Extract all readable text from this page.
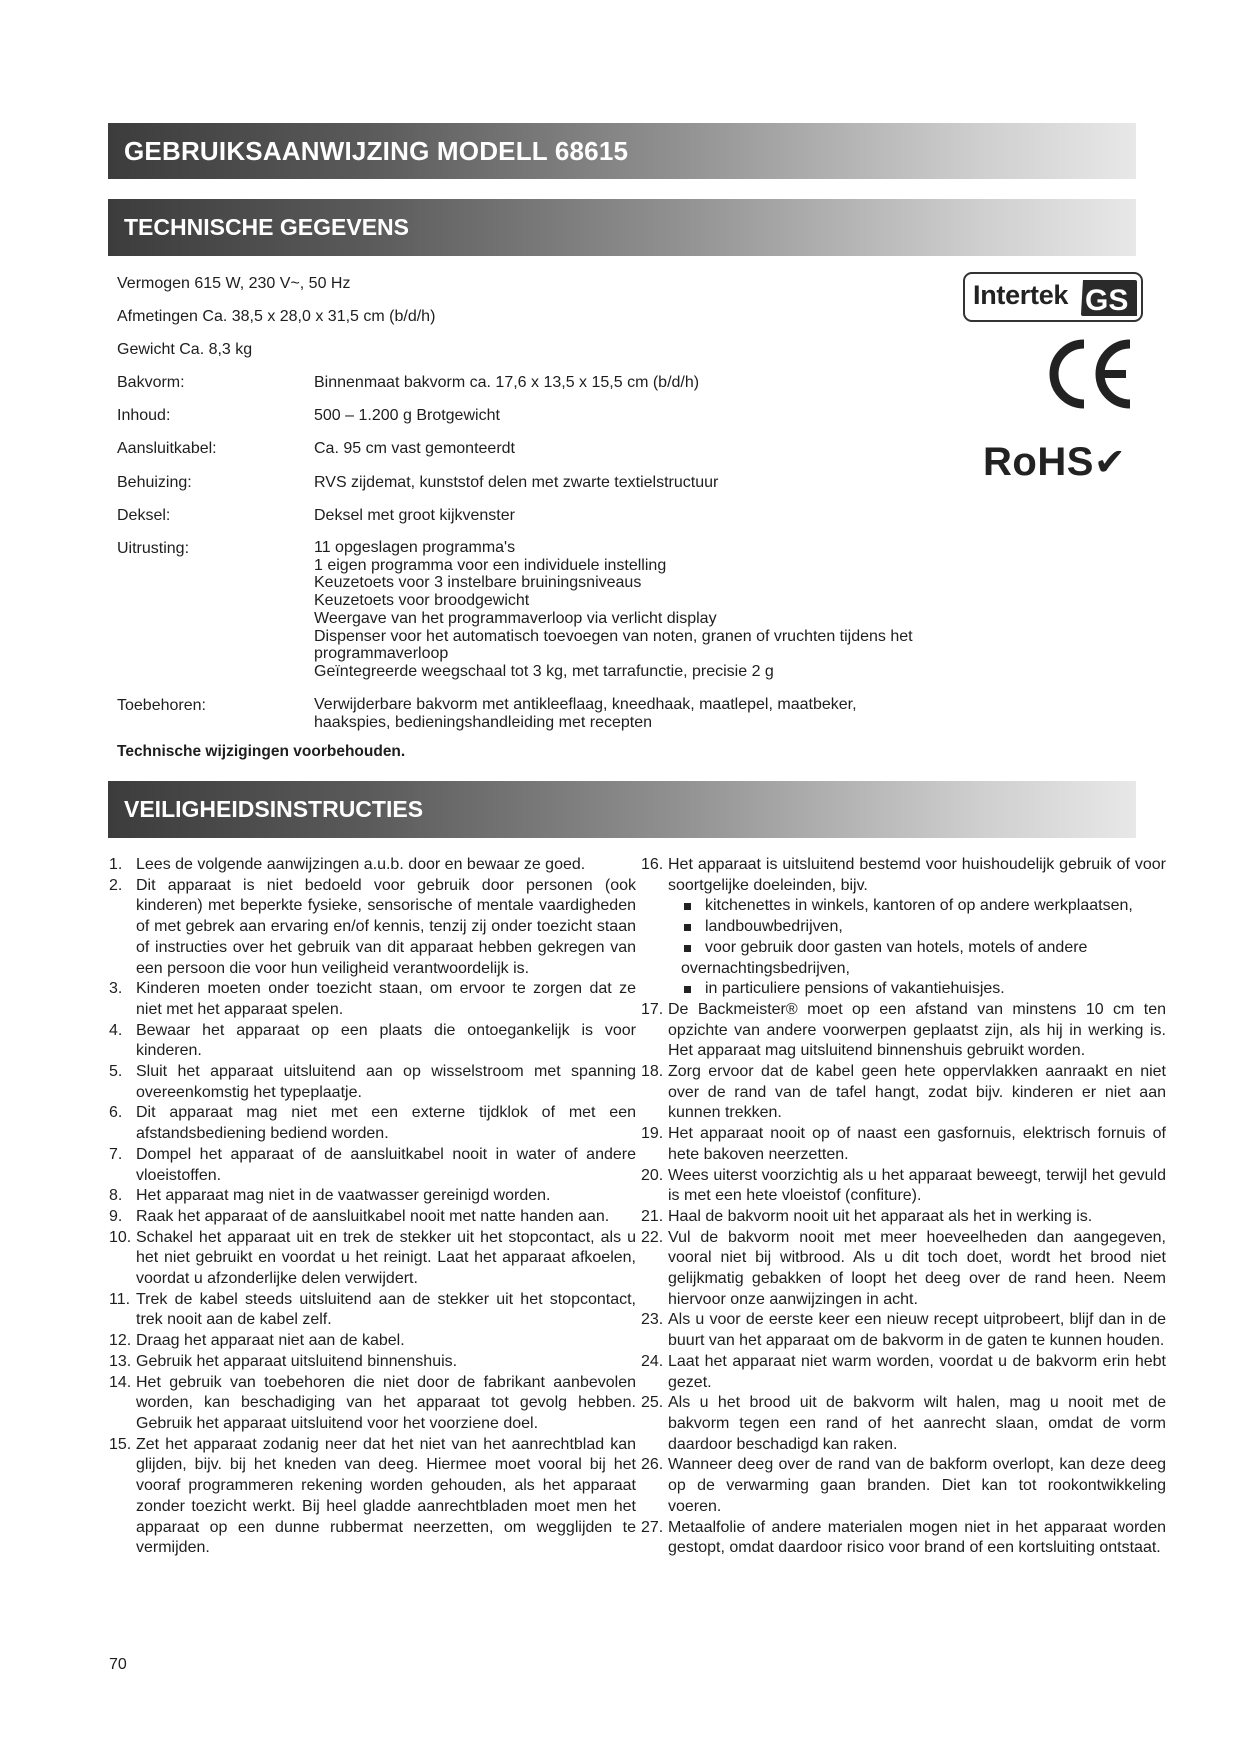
GEBRUIKSAANWIJZING MODELL 68615
TECHNISCHE GEGEVENS
Vermogen 615 W, 230 V~, 50 Hz
Afmetingen Ca. 38,5 x 28,0 x 31,5 cm (b/d/h)
Gewicht Ca. 8,3 kg
Bakvorm:	Binnenmaat bakvorm ca. 17,6 x 13,5 x 15,5 cm (b/d/h)
Inhoud:	500 – 1.200 g Brotgewicht
Aansluitkabel:	Ca. 95 cm vast gemonteerdt
Behuizing:	RVS zijdemat, kunststof delen met zwarte textielstructuur
Deksel:	Deksel met groot kijkvenster
Uitrusting:	11 opgeslagen programma's
1 eigen programma voor een individuele instelling
Keuzetoets voor 3 instelbare bruiningsniveaus
Keuzetoets voor broodgewicht
Weergave van het programmaverloop via verlicht display
Dispenser voor het automatisch toevoegen van noten, granen of vruchten tijdens het
programmaverloop
Geïntegreerde weegschaal tot 3 kg, met tarrafunctie, precisie 2 g
Toebehoren:	Verwijderbare bakvorm met antikleeflaag, kneedhaak, maatlepel, maatbeker,
haakspies, bedieningshandleiding met recepten
Technische wijzigingen voorbehouden.
Intertek GS
RoHS✔
VEILIGHEIDSINSTRUCTIES
1. Lees de volgende aanwijzingen a.u.b. door en bewaar ze goed.
2. Dit apparaat is niet bedoeld voor gebruik door personen (ook kinderen) met beperkte fysieke, sensorische of mentale vaardigheden of met gebrek aan ervaring en/of kennis, tenzij zij onder toezicht staan of instructies over het gebruik van dit apparaat hebben gekregen van een persoon die voor hun veiligheid verantwoordelijk is.
3. Kinderen moeten onder toezicht staan, om ervoor te zorgen dat ze niet met het apparaat spelen.
4. Bewaar het apparaat op een plaats die ontoegankelijk is voor kinderen.
5. Sluit het apparaat uitsluitend aan op wisselstroom met spanning overeenkomstig het typeplaatje.
6. Dit apparaat mag niet met een externe tijdklok of met een afstandsbediening bediend worden.
7. Dompel het apparaat of de aansluitkabel nooit in water of andere vloeistoffen.
8. Het apparaat mag niet in de vaatwasser gereinigd worden.
9. Raak het apparaat of de aansluitkabel nooit met natte handen aan.
10. Schakel het apparaat uit en trek de stekker uit het stopcontact, als u het niet gebruikt en voordat u het reinigt. Laat het apparaat afkoelen, voordat u afzonderlijke delen verwijdert.
11. Trek de kabel steeds uitsluitend aan de stekker uit het stopcontact, trek nooit aan de kabel zelf.
12. Draag het apparaat niet aan de kabel.
13. Gebruik het apparaat uitsluitend binnenshuis.
14. Het gebruik van toebehoren die niet door de fabrikant aanbevolen worden, kan beschadiging van het apparaat tot gevolg hebben. Gebruik het apparaat uitsluitend voor het voorziene doel.
15. Zet het apparaat zodanig neer dat het niet van het aanrechtblad kan glijden, bijv. bij het kneden van deeg. Hiermee moet vooral bij het vooraf programmeren rekening worden gehouden, als het apparaat zonder toezicht werkt. Bij heel gladde aanrechtbladen moet men het apparaat op een dunne rubbermat neerzetten, om wegglijden te vermijden.
16. Het apparaat is uitsluitend bestemd voor huishoudelijk gebruik of voor soortgelijke doeleinden, bijv.
kitchenettes in winkels, kantoren of op andere werkplaatsen,
landbouwbedrijven,
voor gebruik door gasten van hotels, motels of andere overnachtingsbedrijven,
in particuliere pensions of vakantiehuisjes.
17. De Backmeister® moet op een afstand van minstens 10 cm ten opzichte van andere voorwerpen geplaatst zijn, als hij in werking is. Het apparaat mag uitsluitend binnenshuis gebruikt worden.
18. Zorg ervoor dat de kabel geen hete oppervlakken aanraakt en niet over de rand van de tafel hangt, zodat bijv. kinderen er niet aan kunnen trekken.
19. Het apparaat nooit op of naast een gasfornuis, elektrisch fornuis of hete bakoven neerzetten.
20. Wees uiterst voorzichtig als u het apparaat beweegt, terwijl het gevuld is met een hete vloeistof (confiture).
21. Haal de bakvorm nooit uit het apparaat als het in werking is.
22. Vul de bakvorm nooit met meer hoeveelheden dan aangegeven, vooral niet bij witbrood. Als u dit toch doet, wordt het brood niet gelijkmatig gebakken of loopt het deeg over de rand heen. Neem hiervoor onze aanwijzingen in acht.
23. Als u voor de eerste keer een nieuw recept uitprobeert, blijf dan in de buurt van het apparaat om de bakvorm in de gaten te kunnen houden.
24. Laat het apparaat niet warm worden, voordat u de bakvorm erin hebt gezet.
25. Als u het brood uit de bakvorm wilt halen, mag u nooit met de bakvorm tegen een rand of het aanrecht slaan, omdat de vorm daardoor beschadigd kan raken.
26. Wanneer deeg over de rand van de bakform overlopt, kan deze deeg op de verwarming gaan branden. Diet kan tot rookontwikkeling voeren.
27. Metaalfolie of andere materialen mogen niet in het apparaat worden gestopt, omdat daardoor risico voor brand of een kortsluiting ontstaat.
70
